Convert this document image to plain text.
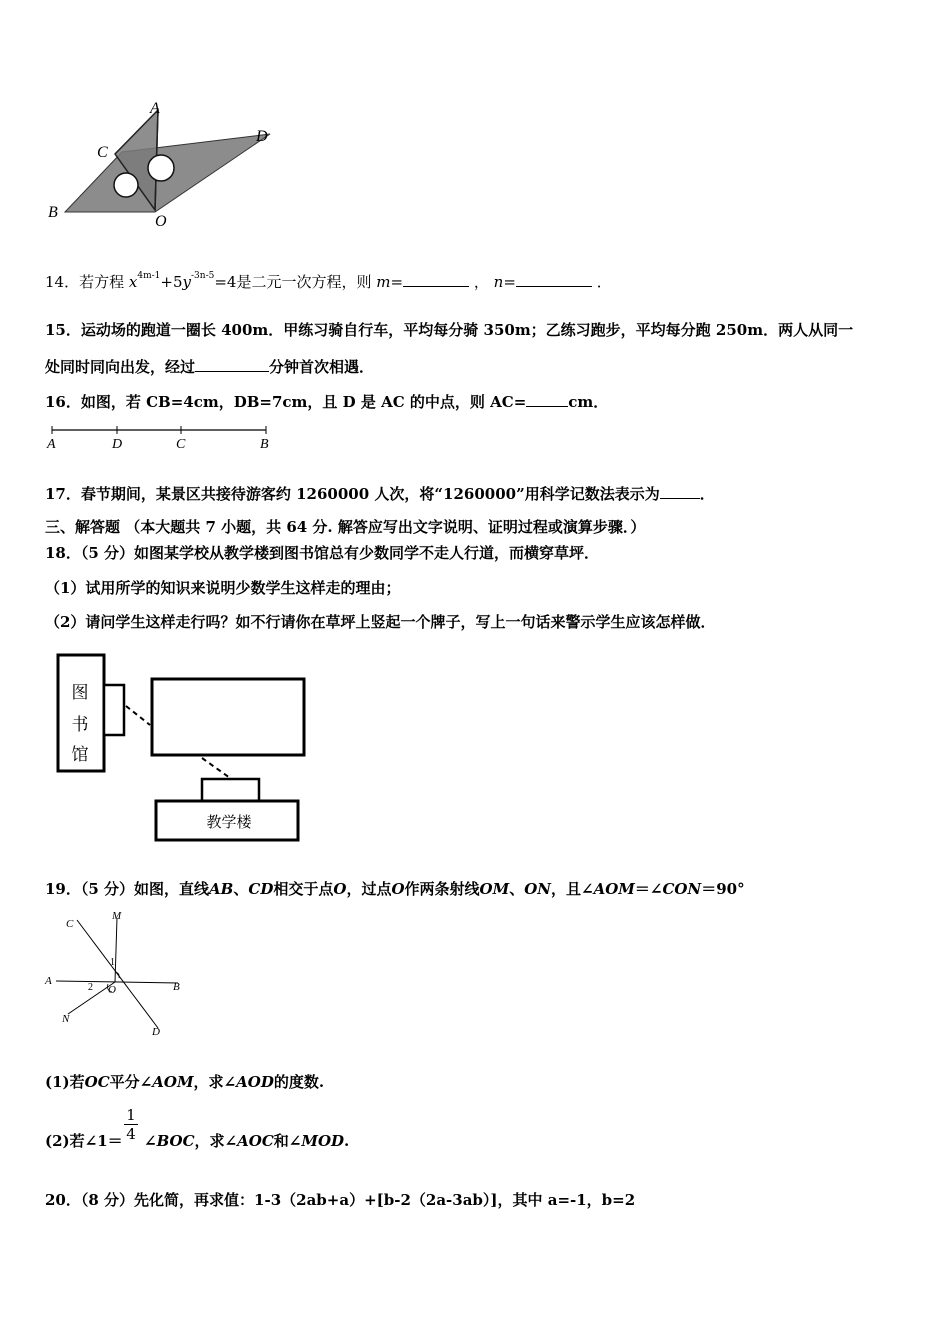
A
C
D
B
O
14．若方程 $x^{4m-1}+5y^{-3n-5}=4$是二元一次方程，则 m=	， n=	．
15．运动场的跑道一圈长 400m．甲练习骑自行车，平均每分骑 350m；乙练习跑步，平均每分跑 250m．两人从同一
处同时同向出发，经过	分钟首次相遇．
16．如图，若 CB=4cm，DB=7cm，且 D 是 AC 的中点，则 AC=	cm．
A	D	C	B
17．春节期间，某景区共接待游客约 1260000 人次，将“1260000”用科学记数法表示为	．
三、解答题 （本大题共 7 小题，共 64 分. 解答应写出文字说明、证明过程或演算步骤．）
18．（5 分）如图某学校从教学楼到图书馆总有少数同学不走人行道，而横穿草坪．
（1）试用所学的知识来说明少数学生这样走的理由；
（2）请问学生这样走行吗？如不行请你在草坪上竖起一个牌子，写上一句话来警示学生应该怎样做．
图
书
馆
教学楼
19．（5 分）如图，直线AB、CD相交于点O，过点O作两条射线OM、ON，且∠AOM＝∠CON＝90°
C
M
A	B
N
D
O
1
2
(1)若OC平分∠AOM，求∠AOD的度数.
1
4
(2)若∠1＝ ∠BOC，求∠AOC和∠MOD.
20．（8 分）先化简，再求值：1-3（2ab+a）+[b-2（2a-3ab）]，其中 a=-1，b=2
